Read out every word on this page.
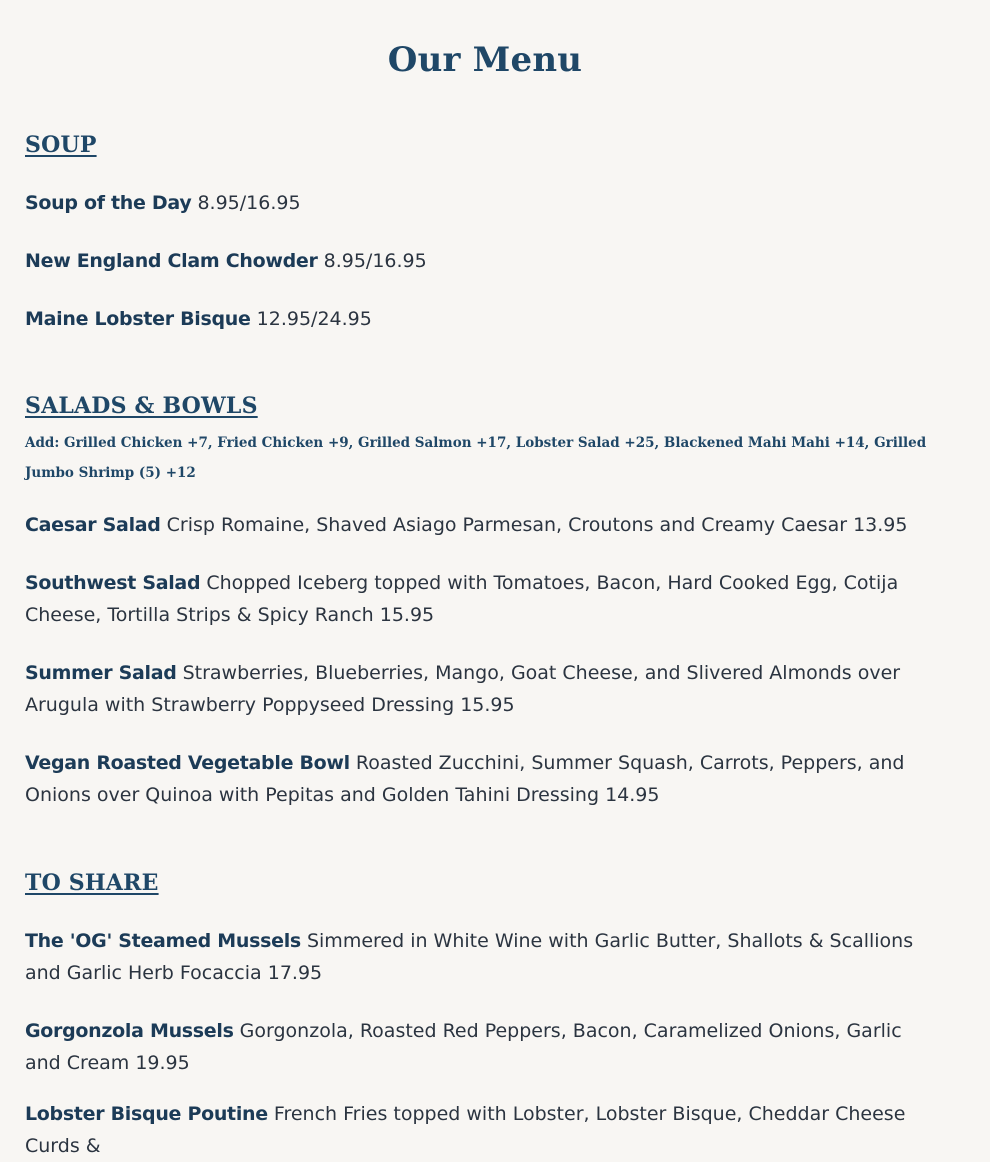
Our Menu
SOUP

Soup of the Day 8.95/16.95

New England Clam Chowder 8.95/16.95

Maine Lobster Bisque 12.95/24.95

SALADS & BOWLS

Add: Grilled Chicken +7, Fried Chicken +9, Grilled Salmon +17, Lobster Salad +25, Blackened Mahi Mahi +14, Grilled Jumbo Shrimp (5) +12

Caesar Salad Crisp Romaine, Shaved Asiago Parmesan, Croutons and Creamy Caesar 13.95

Southwest Salad Chopped Iceberg topped with Tomatoes, Bacon, Hard Cooked Egg, Cotija Cheese, Tortilla Strips & Spicy Ranch 15.95

Summer Salad Strawberries, Blueberries, Mango, Goat Cheese, and Slivered Almonds over Arugula with Strawberry Poppyseed Dressing 15.95

Vegan Roasted Vegetable Bowl Roasted Zucchini, Summer Squash, Carrots, Peppers, and Onions over Quinoa with Pepitas and Golden Tahini Dressing 14.95

TO SHARE

The 'OG' Steamed Mussels Simmered in White Wine with Garlic Butter, Shallots & Scallions and Garlic Herb Focaccia 17.95

Gorgonzola Mussels Gorgonzola, Roasted Red Peppers, Bacon, Caramelized Onions, Garlic and Cream 19.95

Lobster Bisque Poutine French Fries topped with Lobster, Lobster Bisque, Cheddar Cheese Curds &
